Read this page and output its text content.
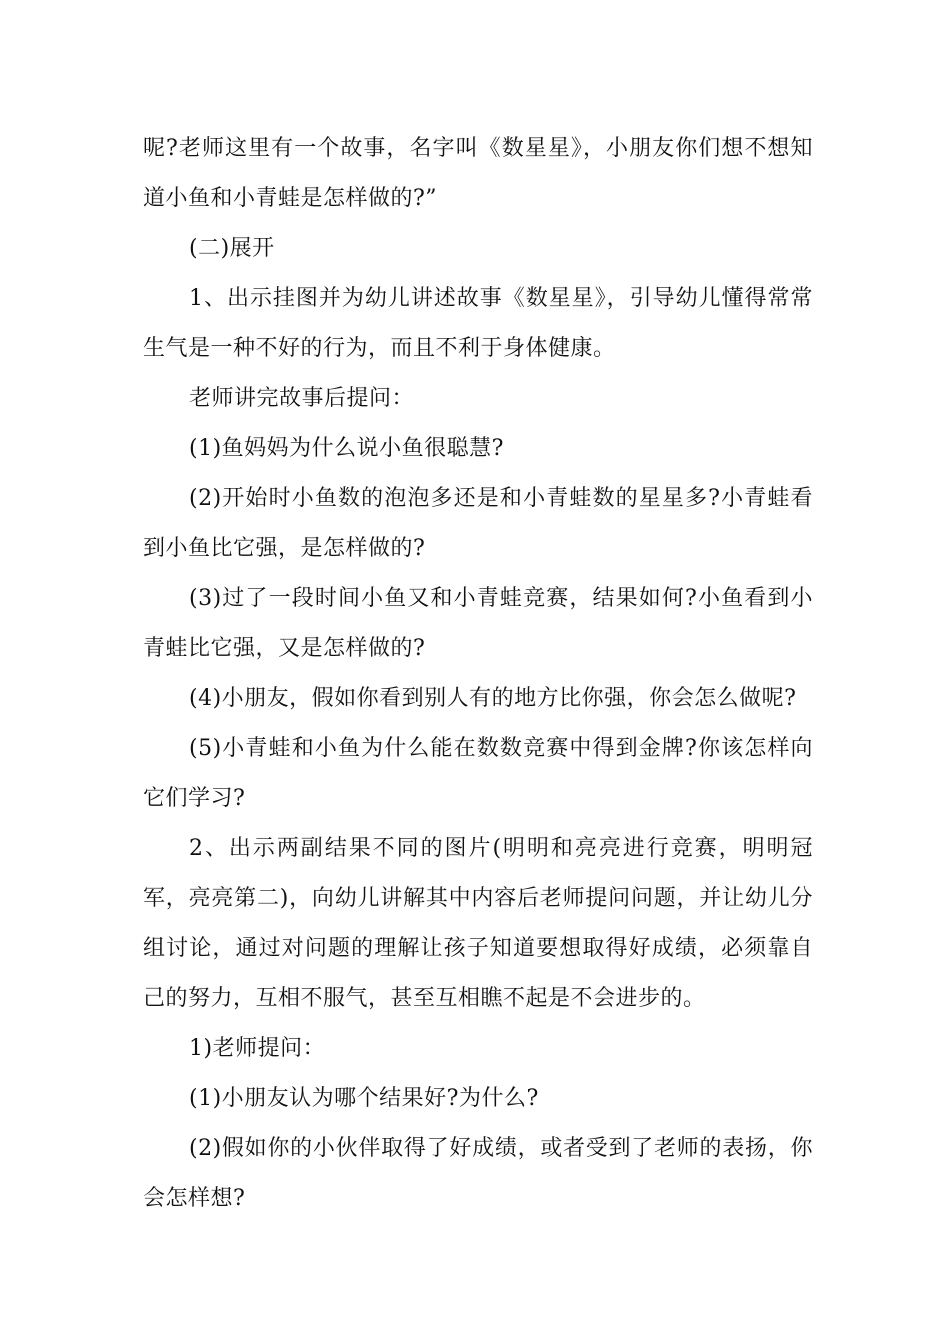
呢?老师这里有一个故事，名字叫《数星星》，小朋友你们想不想知道小鱼和小青蛙是怎样做的?”

(二)展开

1、出示挂图并为幼儿讲述故事《数星星》，引导幼儿懂得常常生气是一种不好的行为，而且不利于身体健康。

老师讲完故事后提问：

(1)鱼妈妈为什么说小鱼很聪慧?

(2)开始时小鱼数的泡泡多还是和小青蛙数的星星多?小青蛙看到小鱼比它强，是怎样做的?

(3)过了一段时间小鱼又和小青蛙竞赛，结果如何?小鱼看到小青蛙比它强，又是怎样做的?

(4)小朋友，假如你看到别人有的地方比你强，你会怎么做呢?

(5)小青蛙和小鱼为什么能在数数竞赛中得到金牌?你该怎样向它们学习?

2、出示两副结果不同的图片(明明和亮亮进行竞赛，明明冠军，亮亮第二)，向幼儿讲解其中内容后老师提问问题，并让幼儿分组讨论，通过对问题的理解让孩子知道要想取得好成绩，必须靠自己的努力，互相不服气，甚至互相瞧不起是不会进步的。

1)老师提问：

(1)小朋友认为哪个结果好?为什么?

(2)假如你的小伙伴取得了好成绩，或者受到了老师的表扬，你会怎样想?
